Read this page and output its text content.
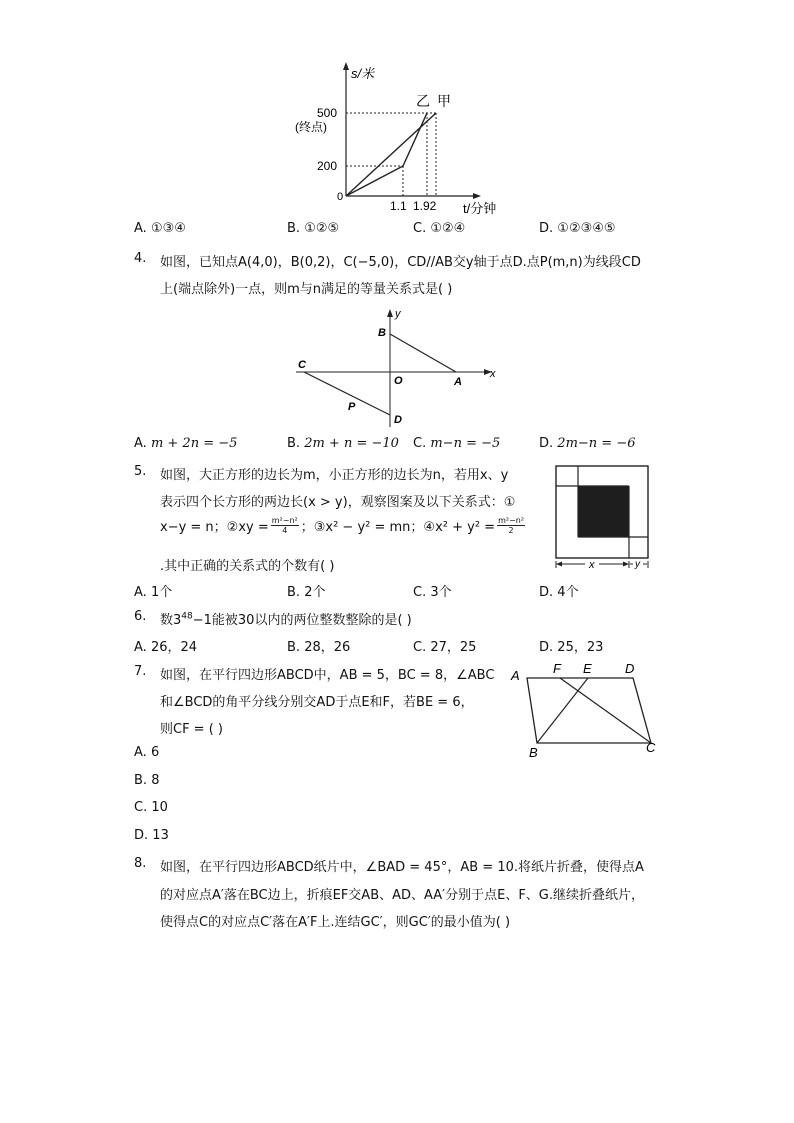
s/米
500
(终点)
200
0
1.1 1.92 t/分钟
乙 甲
A. ①③④	B. ①②⑤	C. ①②④	D. ①②③④⑤
4. 如图，已知点A(4,0)，B(0,2)，C(−5,0)，CD//AB交y轴于点D.点P(m,n)为线段CD
上(端点除外)一点，则m与n满足的等量关系式是( )
y
x
B
C
O	A
P
D
A. m + 2n = −5	B. 2m + n = −10 C. m−n = −5	D. 2m−n = −6
5. 如图，大正方形的边长为m，小正方形的边长为n，若用x、y
表示四个长方形的两边长(x > y)，观察图案及以下关系式：①
x−y = n；②xy = $\frac{\text{m²−n²}}{4}$ ；③x² − y² = mn；④x² + $y^2 = \frac{\text{m²−n²}}{2}$
.其中正确的关系式的个数有( )	x	y
A. 1个	B. 2个	C. 3个	D. 4个
6. 数$3^{48}-1$能被30以内的两位整数整除的是( )
A. 26，24	B. 28，26	C. 27，25	D. 25，23
7. 如图，在平行四边形ABCD中，AB = 5，BC = 8，∠ABC
和∠BCD的角平分线分别交AD于点E和F，若BE = 6，
则CF = ( )
A	F E	D
B	C
A. 6
B. 8
C. 10
D. 13
8. 如图，在平行四边形ABCD纸片中，∠BAD = 45°，AB = 10.将纸片折叠，使得点A
的对应点A′落在BC边上，折痕EF交AB、AD、AA′分别于点E、F、G.继续折叠纸片，
使得点C的对应点C′落在A′F上.连结GC′，则GC′的最小值为( )
